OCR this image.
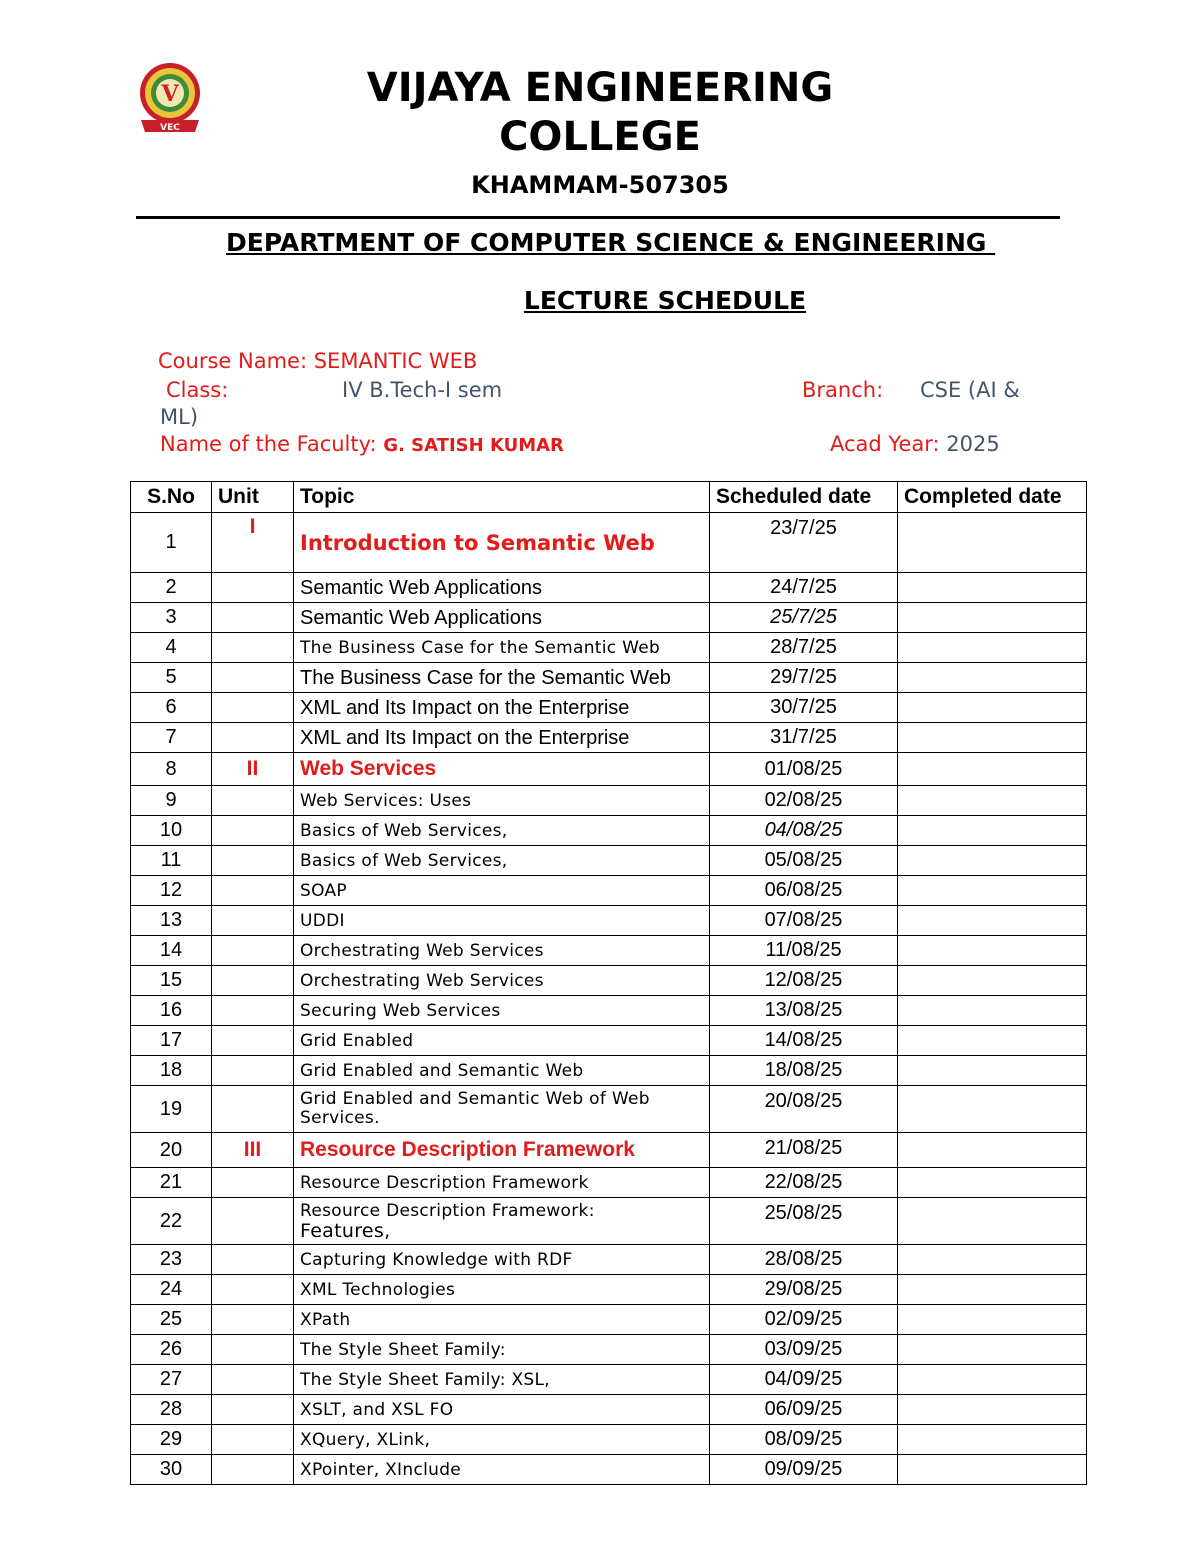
V
VEC
VIJAYA ENGINEERING
COLLEGE
KHAMMAM-507305
DEPARTMENT OF COMPUTER SCIENCE & ENGINEERING
LECTURE SCHEDULE
Course Name: SEMANTIC WEB
Class:	IV B.Tech-I sem	Branch: CSE (AI &
ML)
Name of the Faculty: G. SATISH KUMAR	Acad Year: 2025
S.No	Unit	Topic	Scheduled date	Completed date
1	I	Introduction to Semantic Web	23/7/25	
2		Semantic Web Applications	24/7/25	
3		Semantic Web Applications	25/7/25	
4		The Business Case for the Semantic Web	28/7/25	
5		The Business Case for the Semantic Web	29/7/25	
6		XML and Its Impact on the Enterprise	30/7/25	
7		XML and Its Impact on the Enterprise	31/7/25	
8	II	Web Services	01/08/25	
9		Web Services: Uses	02/08/25	
10		Basics of Web Services,	04/08/25	
11		Basics of Web Services,	05/08/25	
12		SOAP	06/08/25	
13		UDDI	07/08/25	
14		Orchestrating Web Services	11/08/25	
15		Orchestrating Web Services	12/08/25	
16		Securing Web Services	13/08/25	
17		Grid Enabled	14/08/25	
18		Grid Enabled and Semantic Web	18/08/25	
19		Grid Enabled and Semantic Web of Web Services.	20/08/25	
20	III	Resource Description Framework	21/08/25	
21		Resource Description Framework	22/08/25	
22		Resource Description Framework:
Features,	25/08/25	
23		Capturing Knowledge with RDF	28/08/25	
24		XML Technologies	29/08/25	
25		XPath	02/09/25	
26		The Style Sheet Family:	03/09/25	
27		The Style Sheet Family: XSL,	04/09/25	
28		XSLT, and XSL FO	06/09/25	
29		XQuery, XLink,	08/09/25	
30		XPointer, XInclude	09/09/25	
